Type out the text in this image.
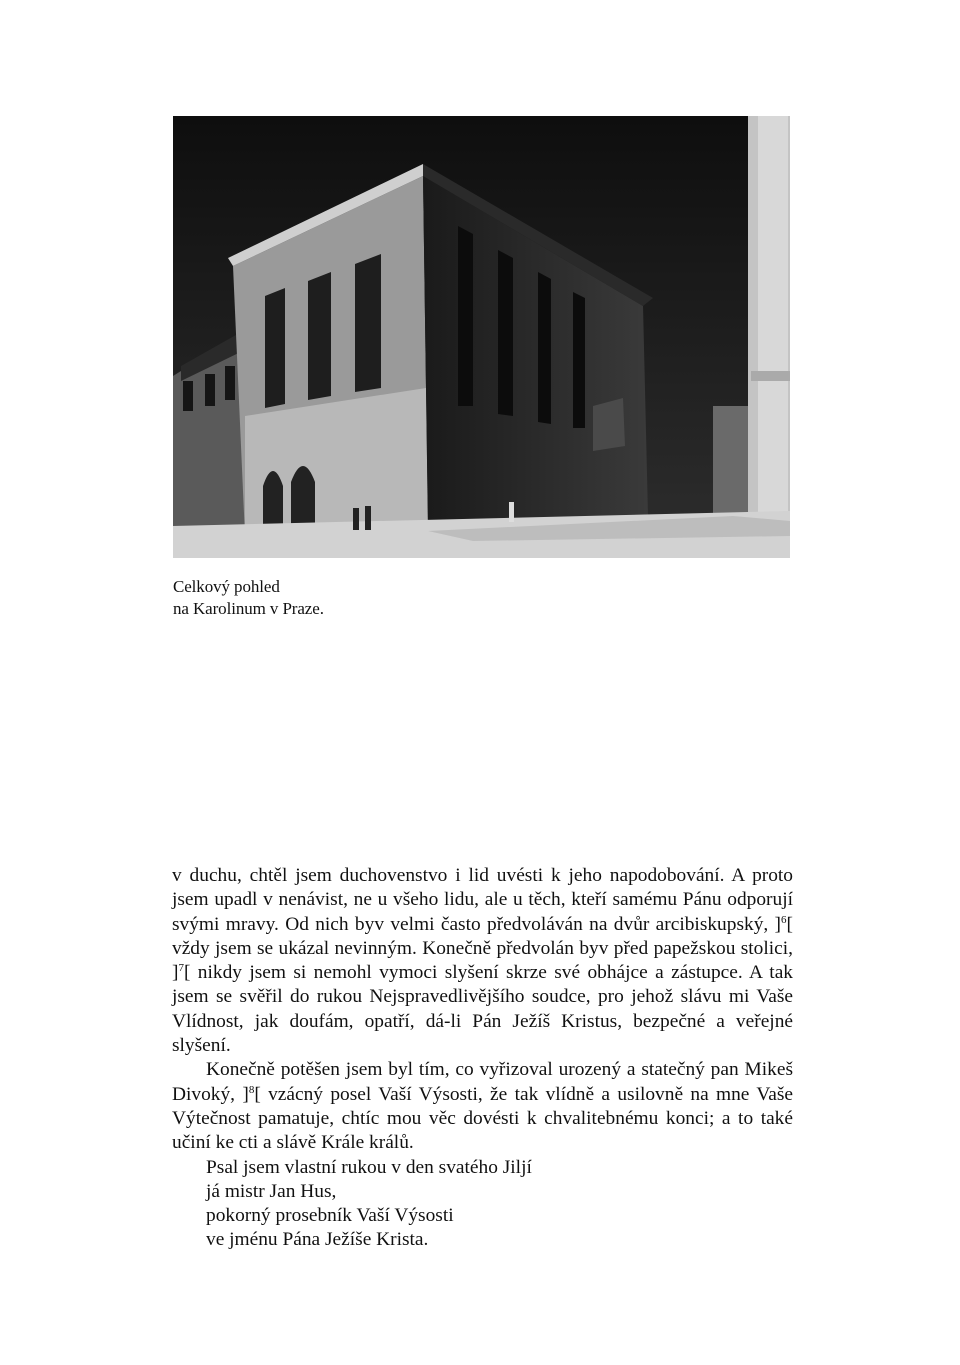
Celkový pohled
na Karolinum v Praze.

v duchu, chtěl jsem duchovenstvo i lid uvésti k jeho napodobování. A proto jsem upadl v nenávist, ne u všeho lidu, ale u těch, kteří samému Pánu odporují svými mravy. Od nich byv velmi často předvoláván na dvůr arcibiskupský, ]$^6$[ vždy jsem se ukázal nevinným. Konečně předvolán byv před papežskou stolici, ]$^7$[ nikdy jsem si nemohl vymoci slyšení skrze své obhájce a zástupce. A tak jsem se svěřil do rukou Nejspravedlivějšího soudce, pro jehož slávu mi Vaše Vlídnost, jak doufám, opatří, dá-li Pán Ježíš Kristus, bezpečné a veřejné slyšení.

Konečně potěšen jsem byl tím, co vyřizoval urozený a statečný pan Mikeš Divoký, ]$^8$[ vzácný posel Vaší Výsosti, že tak vlídně a usilovně na mne Vaše Výtečnost pamatuje, chtíc mou věc dovésti k chvalitebnému konci; a to také učiní ke cti a slávě Krále králů.

Psal jsem vlastní rukou v den svatého Jiljí
já mistr Jan Hus,
pokorný prosebník Vaší Výsosti
ve jménu Pána Ježíše Krista.
